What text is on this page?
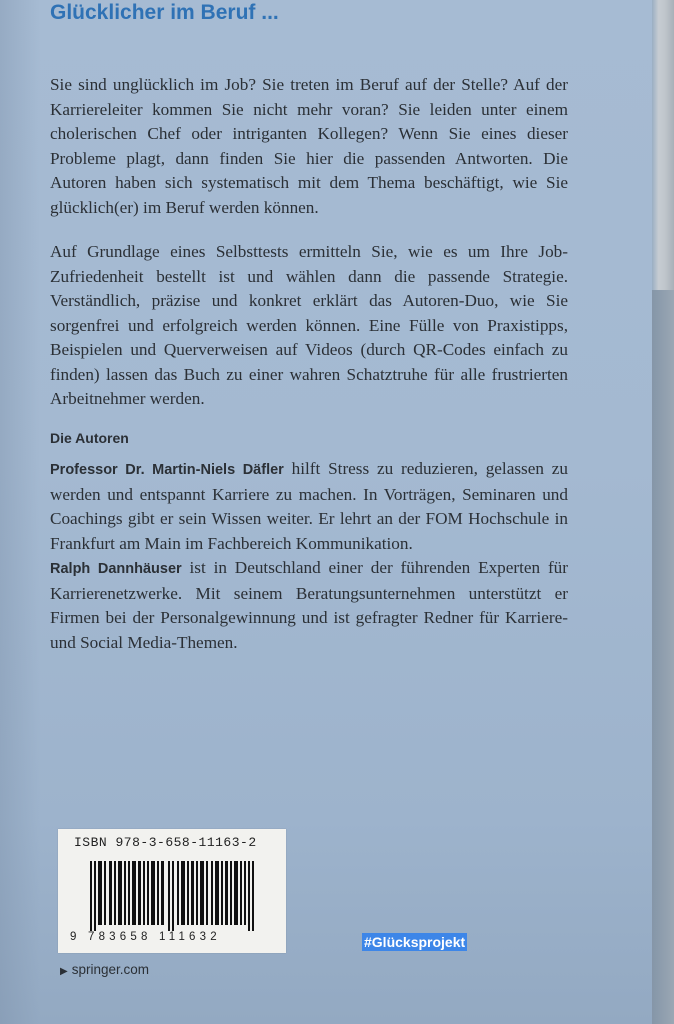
Glücklicher im Beruf ...

Sie sind unglücklich im Job? Sie treten im Beruf auf der Stelle? Auf der Karriereleiter kommen Sie nicht mehr voran? Sie leiden unter einem cholerischen Chef oder intriganten Kollegen? Wenn Sie eines dieser Probleme plagt, dann finden Sie hier die passenden Antworten. Die Autoren haben sich systematisch mit dem Thema beschäftigt, wie Sie glücklich(er) im Beruf werden können.

Auf Grundlage eines Selbsttests ermitteln Sie, wie es um Ihre Job-Zufriedenheit bestellt ist und wählen dann die passende Strategie. Verständlich, präzise und konkret erklärt das Autoren-Duo, wie Sie sorgenfrei und erfolgreich werden können. Eine Fülle von Praxistipps, Beispielen und Querverweisen auf Videos (durch QR-Codes einfach zu finden) lassen das Buch zu einer wahren Schatztruhe für alle frustrierten Arbeitnehmer werden.

Die Autoren

Professor Dr. Martin-Niels Däfler hilft Stress zu reduzieren, gelassen zu werden und entspannt Karriere zu machen. In Vorträgen, Seminaren und Coachings gibt er sein Wissen weiter. Er lehrt an der FOM Hochschule in Frankfurt am Main im Fachbereich Kommunikation.

Ralph Dannhäuser ist in Deutschland einer der führenden Experten für Karrierenetzwerke. Mit seinem Beratungsunternehmen unterstützt er Firmen bei der Personalgewinnung und ist gefragter Redner für Karriere- und Social Media-Themen.

ISBN 978-3-658-11163-2

9 783658 111632

▶ springer.com
#Glücksprojekt
